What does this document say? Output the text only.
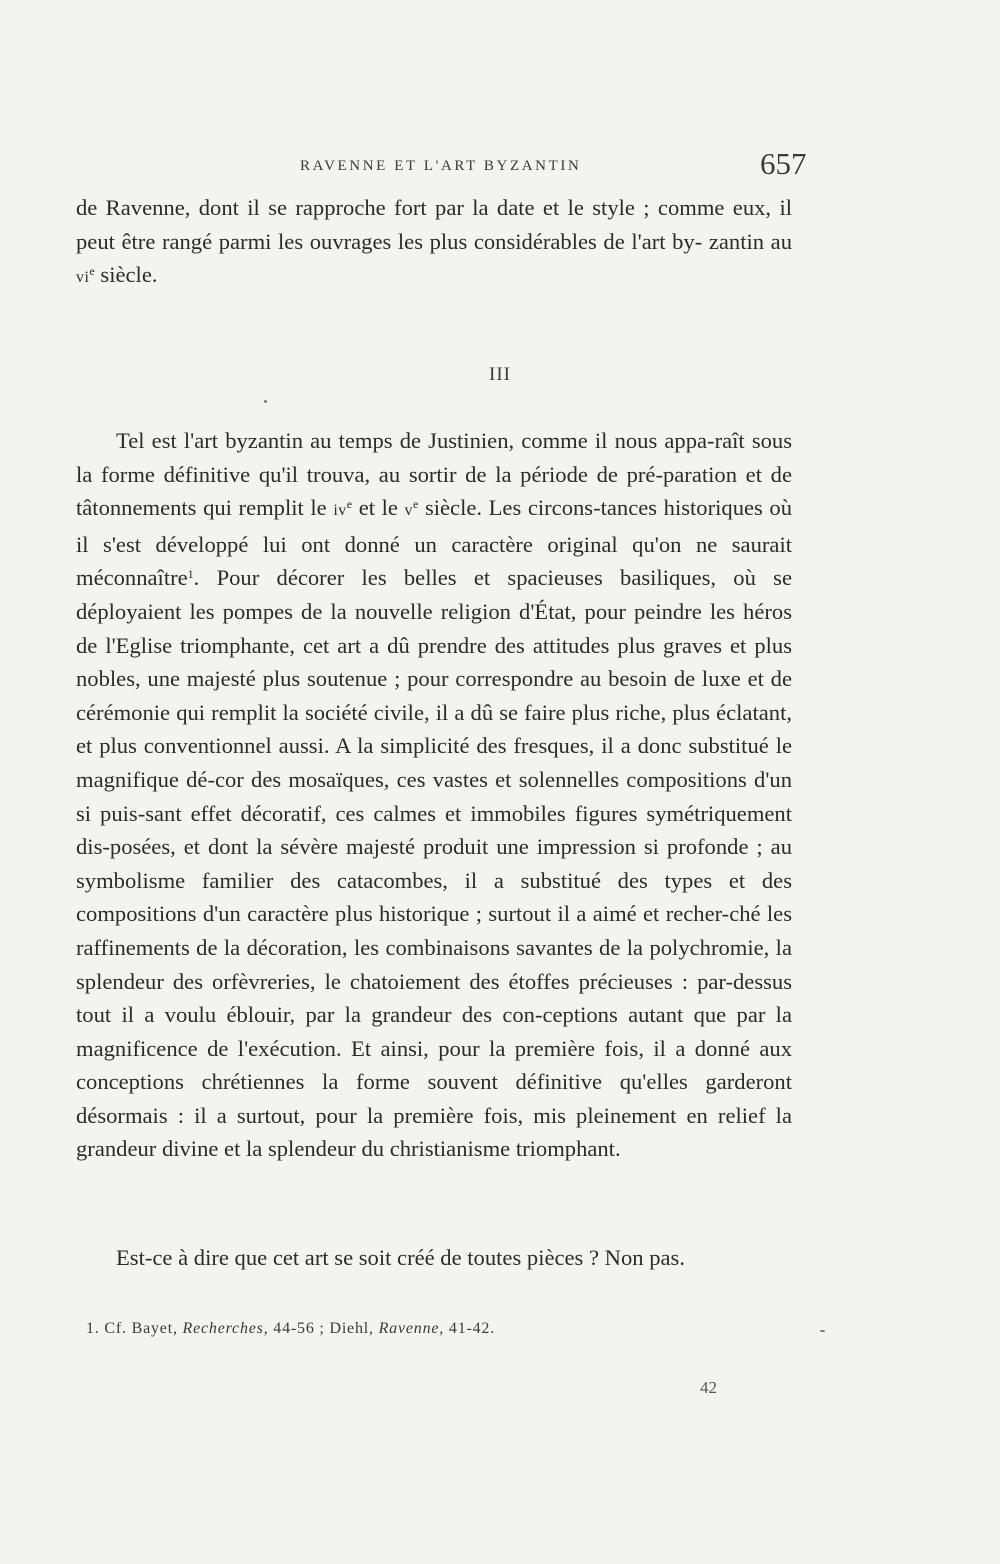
RAVENNE ET L'ART BYZANTIN	657

de Ravenne, dont il se rapproche fort par la date et le style ; comme eux, il peut être rangé parmi les ouvrages les plus considérables de l'art by- zantin au $vi^e$ siècle.

III

Tel est l'art byzantin au temps de Justinien, comme il nous appa-raît sous la forme définitive qu'il trouva, au sortir de la période de pré-paration et de tâtonnements qui remplit le $iv^e$ et le $v^e$ siècle. Les circons-tances historiques où il s'est développé lui ont donné un caractère original qu'on ne saurait méconnaître$^1$. Pour décorer les belles et spacieuses basiliques, où se déployaient les pompes de la nouvelle religion d'État, pour peindre les héros de l'Eglise triomphante, cet art a dû prendre des attitudes plus graves et plus nobles, une majesté plus soutenue ; pour correspondre au besoin de luxe et de cérémonie qui remplit la société civile, il a dû se faire plus riche, plus éclatant, et plus conventionnel aussi. A la simplicité des fresques, il a donc substitué le magnifique dé-cor des mosaïques, ces vastes et solennelles compositions d'un si puis-sant effet décoratif, ces calmes et immobiles figures symétriquement dis-posées, et dont la sévère majesté produit une impression si profonde ; au symbolisme familier des catacombes, il a substitué des types et des compositions d'un caractère plus historique ; surtout il a aimé et recher-ché les raffinements de la décoration, les combinaisons savantes de la polychromie, la splendeur des orfèvreries, le chatoiement des étoffes précieuses : par-dessus tout il a voulu éblouir, par la grandeur des con-ceptions autant que par la magnificence de l'exécution. Et ainsi, pour la première fois, il a donné aux conceptions chrétiennes la forme souvent définitive qu'elles garderont désormais : il a surtout, pour la première fois, mis pleinement en relief la grandeur divine et la splendeur du christianisme triomphant.

Est-ce à dire que cet art se soit créé de toutes pièces ? Non pas.

1. Cf. Bayet, Recherches, 44-56 ; Diehl, Ravenne, 41-42.
42
